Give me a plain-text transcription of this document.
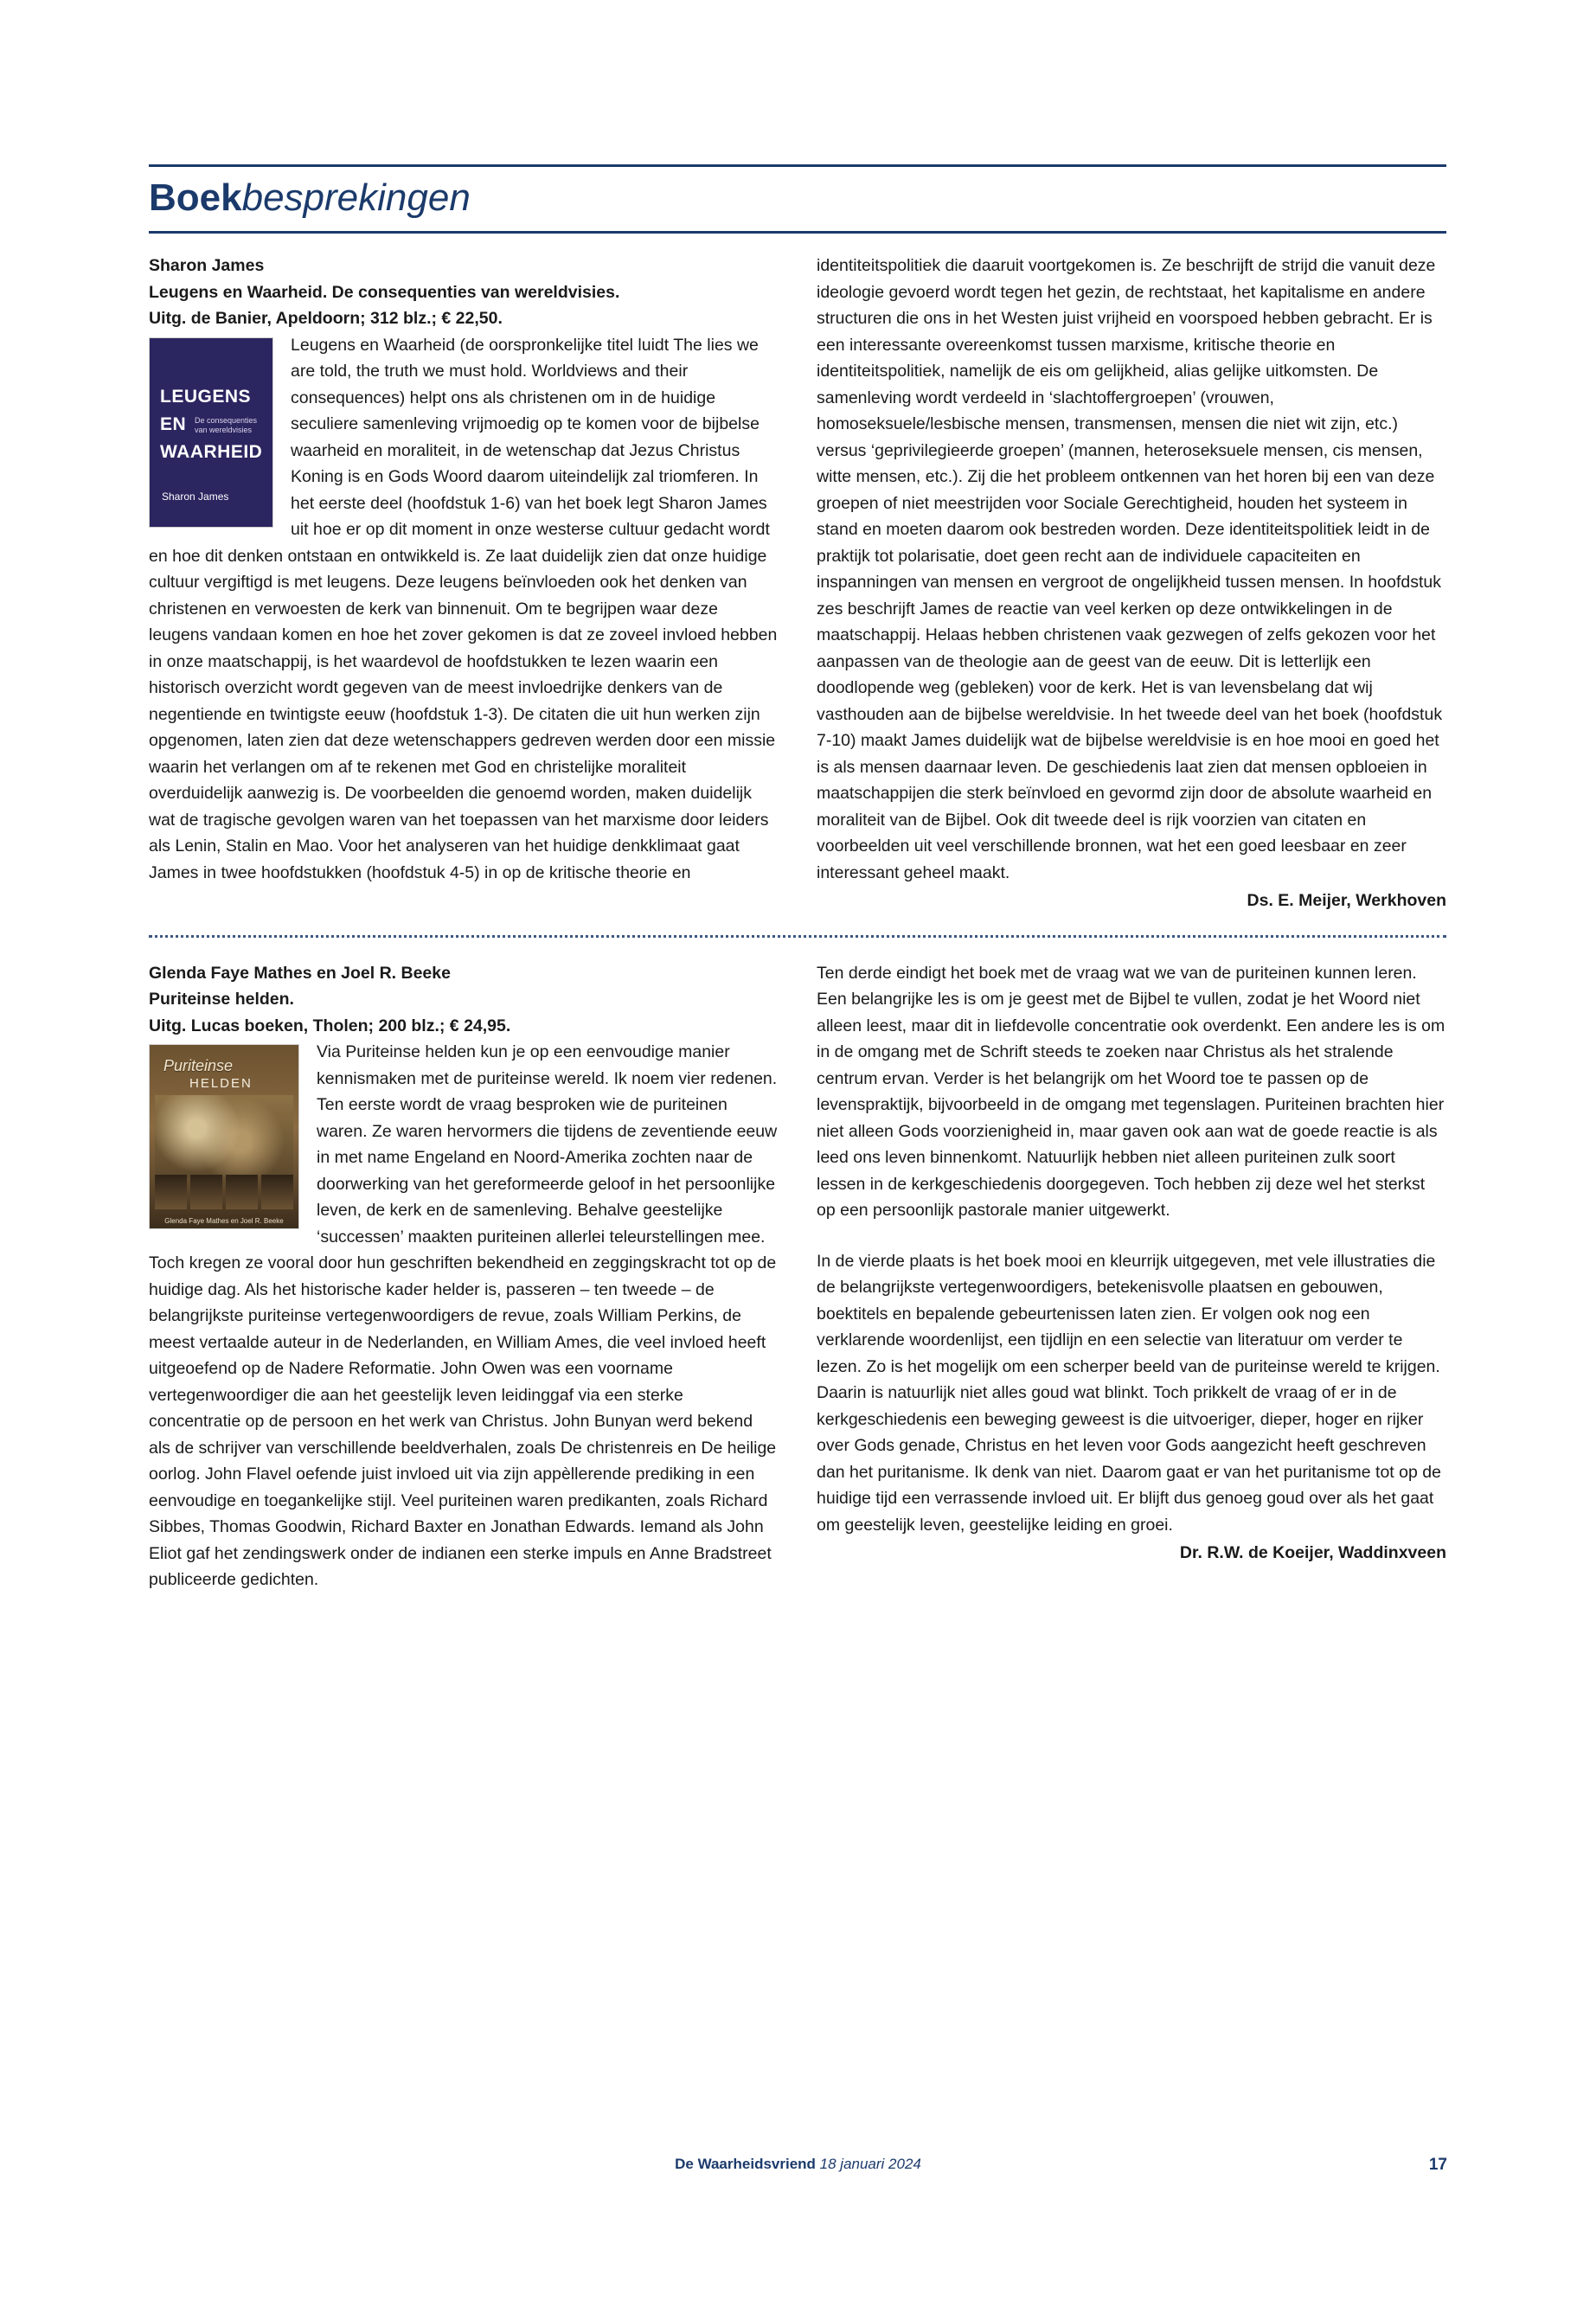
Boekbesprekingen
Sharon James
Leugens en Waarheid. De consequenties van wereldvisies.
Uitg. de Banier, Apeldoorn; 312 blz.; € 22,50.
LEUGENS
EN De consequenties van wereldvisies
WAARHEID
Sharon James

Leugens en Waarheid (de oorspronkelijke titel luidt The lies we are told, the truth we must hold. Worldviews and their consequences) helpt ons als christenen om in de huidige seculiere samenleving vrijmoedig op te komen voor de bijbelse waarheid en moraliteit, in de wetenschap dat Jezus Christus Koning is en Gods Woord daarom uiteindelijk zal triomferen. In het eerste deel (hoofdstuk 1-6) van het boek legt Sharon James uit hoe er op dit moment in onze westerse cultuur gedacht wordt en hoe dit denken ontstaan en ontwikkeld is. Ze laat duidelijk zien dat onze huidige cultuur vergiftigd is met leugens. Deze leugens beïnvloeden ook het denken van christenen en verwoesten de kerk van binnenuit. Om te begrijpen waar deze leugens vandaan komen en hoe het zover gekomen is dat ze zoveel invloed hebben in onze maatschappij, is het waardevol de hoofdstukken te lezen waarin een historisch overzicht wordt gegeven van de meest invloedrijke denkers van de negentiende en twintigste eeuw (hoofdstuk 1-3). De citaten die uit hun werken zijn opgenomen, laten zien dat deze wetenschappers gedreven werden door een missie waarin het verlangen om af te rekenen met God en christelijke moraliteit overduidelijk aanwezig is. De voorbeelden die genoemd worden, maken duidelijk wat de tragische gevolgen waren van het toepassen van het marxisme door leiders als Lenin, Stalin en Mao. Voor het analyseren van het huidige denkklimaat gaat James in twee hoofdstukken (hoofdstuk 4-5) in op de kritische theorie en

identiteitspolitiek die daaruit voortgekomen is. Ze beschrijft de strijd die vanuit deze ideologie gevoerd wordt tegen het gezin, de rechtstaat, het kapitalisme en andere structuren die ons in het Westen juist vrijheid en voorspoed hebben gebracht. Er is een interessante overeenkomst tussen marxisme, kritische theorie en identiteitspolitiek, namelijk de eis om gelijkheid, alias gelijke uitkomsten. De samenleving wordt verdeeld in ‘slachtoffergroepen’ (vrouwen, homoseksuele/lesbische mensen, transmensen, mensen die niet wit zijn, etc.) versus ‘geprivilegieerde groepen’ (mannen, heteroseksuele mensen, cis mensen, witte mensen, etc.). Zij die het probleem ontkennen van het horen bij een van deze groepen of niet meestrijden voor Sociale Gerechtigheid, houden het systeem in stand en moeten daarom ook bestreden worden. Deze identiteitspolitiek leidt in de praktijk tot polarisatie, doet geen recht aan de individuele capaciteiten en inspanningen van mensen en vergroot de ongelijkheid tussen mensen. In hoofdstuk zes beschrijft James de reactie van veel kerken op deze ontwikkelingen in de maatschappij. Helaas hebben christenen vaak gezwegen of zelfs gekozen voor het aanpassen van de theologie aan de geest van de eeuw. Dit is letterlijk een doodlopende weg (gebleken) voor de kerk. Het is van levensbelang dat wij vasthouden aan de bijbelse wereldvisie. In het tweede deel van het boek (hoofdstuk 7-10) maakt James duidelijk wat de bijbelse wereldvisie is en hoe mooi en goed het is als mensen daarnaar leven. De geschiedenis laat zien dat mensen opbloeien in maatschappijen die sterk beïnvloed en gevormd zijn door de absolute waarheid en moraliteit van de Bijbel. Ook dit tweede deel is rijk voorzien van citaten en voorbeelden uit veel verschillende bronnen, wat het een goed leesbaar en zeer interessant geheel maakt.

Ds. E. Meijer, Werkhoven
Glenda Faye Mathes en Joel R. Beeke
Puriteinse helden.
Uitg. Lucas boeken, Tholen; 200 blz.; € 24,95.
Puriteinse
HELDEN
Glenda Faye Mathes en Joel R. Beeke

Via Puriteinse helden kun je op een eenvoudige manier kennismaken met de puriteinse wereld. Ik noem vier redenen. Ten eerste wordt de vraag besproken wie de puriteinen waren. Ze waren hervormers die tijdens de zeventiende eeuw in met name Engeland en Noord-Amerika zochten naar de doorwerking van het gereformeerde geloof in het persoonlijke leven, de kerk en de samenleving. Behalve geestelijke ‘successen’ maakten puriteinen allerlei teleurstellingen mee. Toch kregen ze vooral door hun geschriften bekendheid en zeggingskracht tot op de huidige dag. Als het historische kader helder is, passeren – ten tweede – de belangrijkste puriteinse vertegenwoordigers de revue, zoals William Perkins, de meest vertaalde auteur in de Nederlanden, en William Ames, die veel invloed heeft uitgeoefend op de Nadere Reformatie. John Owen was een voorname vertegenwoordiger die aan het geestelijk leven leidinggaf via een sterke concentratie op de persoon en het werk van Christus. John Bunyan werd bekend als de schrijver van verschillende beeldverhalen, zoals De christenreis en De heilige oorlog. John Flavel oefende juist invloed uit via zijn appèllerende prediking in een eenvoudige en toegankelijke stijl. Veel puriteinen waren predikanten, zoals Richard Sibbes, Thomas Goodwin, Richard Baxter en Jonathan Edwards. Iemand als John Eliot gaf het zendingswerk onder de indianen een sterke impuls en Anne Bradstreet publiceerde gedichten.

Ten derde eindigt het boek met de vraag wat we van de puriteinen kunnen leren. Een belangrijke les is om je geest met de Bijbel te vullen, zodat je het Woord niet alleen leest, maar dit in liefdevolle concentratie ook overdenkt. Een andere les is om in de omgang met de Schrift steeds te zoeken naar Christus als het stralende centrum ervan. Verder is het belangrijk om het Woord toe te passen op de levenspraktijk, bijvoorbeeld in de omgang met tegenslagen. Puriteinen brachten hier niet alleen Gods voorzienigheid in, maar gaven ook aan wat de goede reactie is als leed ons leven binnenkomt. Natuurlijk hebben niet alleen puriteinen zulk soort lessen in de kerkgeschiedenis doorgegeven. Toch hebben zij deze wel het sterkst op een persoonlijk pastorale manier uitgewerkt.

In de vierde plaats is het boek mooi en kleurrijk uitgegeven, met vele illustraties die de belangrijkste vertegenwoordigers, betekenisvolle plaatsen en gebouwen, boektitels en bepalende gebeurtenissen laten zien. Er volgen ook nog een verklarende woordenlijst, een tijdlijn en een selectie van literatuur om verder te lezen. Zo is het mogelijk om een scherper beeld van de puriteinse wereld te krijgen. Daarin is natuurlijk niet alles goud wat blinkt. Toch prikkelt de vraag of er in de kerkgeschiedenis een beweging geweest is die uitvoeriger, dieper, hoger en rijker over Gods genade, Christus en het leven voor Gods aangezicht heeft geschreven dan het puritanisme. Ik denk van niet. Daarom gaat er van het puritanisme tot op de huidige tijd een verrassende invloed uit. Er blijft dus genoeg goud over als het gaat om geestelijk leven, geestelijke leiding en groei.

Dr. R.W. de Koeijer, Waddinxveen
De Waarheidsvriend 18 januari 2024	17
